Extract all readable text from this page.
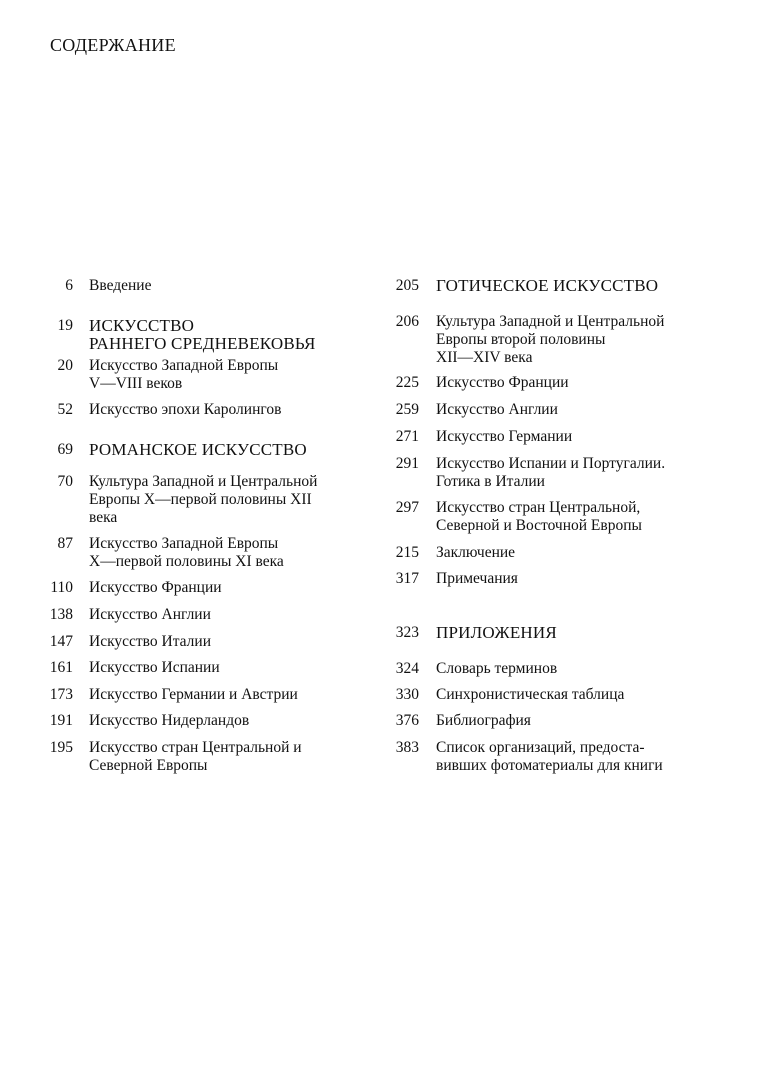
СОДЕРЖАНИЕ
6 Введение
19 ИСКУССТВО
РАННЕГО СРЕДНЕВЕКОВЬЯ
20 Искусство Западной Европы
V—VIII веков
52 Искусство эпохи Каролингов
69 РОМАНСКОЕ ИСКУССТВО
70 Культура Западной и Центральной
Европы X—первой половины XII
века
87 Искусство Западной Европы
X—первой половины XI века
110 Искусство Франции
138 Искусство Англии
147 Искусство Италии
161 Искусство Испании
173 Искусство Германии и Австрии
191 Искусство Нидерландов
195 Искусство стран Центральной и
Северной Европы
205 ГОТИЧЕСКОЕ ИСКУССТВО
206 Культура Западной и Центральной
Европы второй половины
XII—XIV века
225 Искусство Франции
259 Искусство Англии
271 Искусство Германии
291 Искусство Испании и Португалии.
Готика в Италии
297 Искусство стран Центральной,
Северной и Восточной Европы
215 Заключение
317 Примечания
323 ПРИЛОЖЕНИЯ
324 Словарь терминов
330 Синхронистическая таблица
376 Библиография
383 Список организаций, предоста-
вивших фотоматериалы для книги
